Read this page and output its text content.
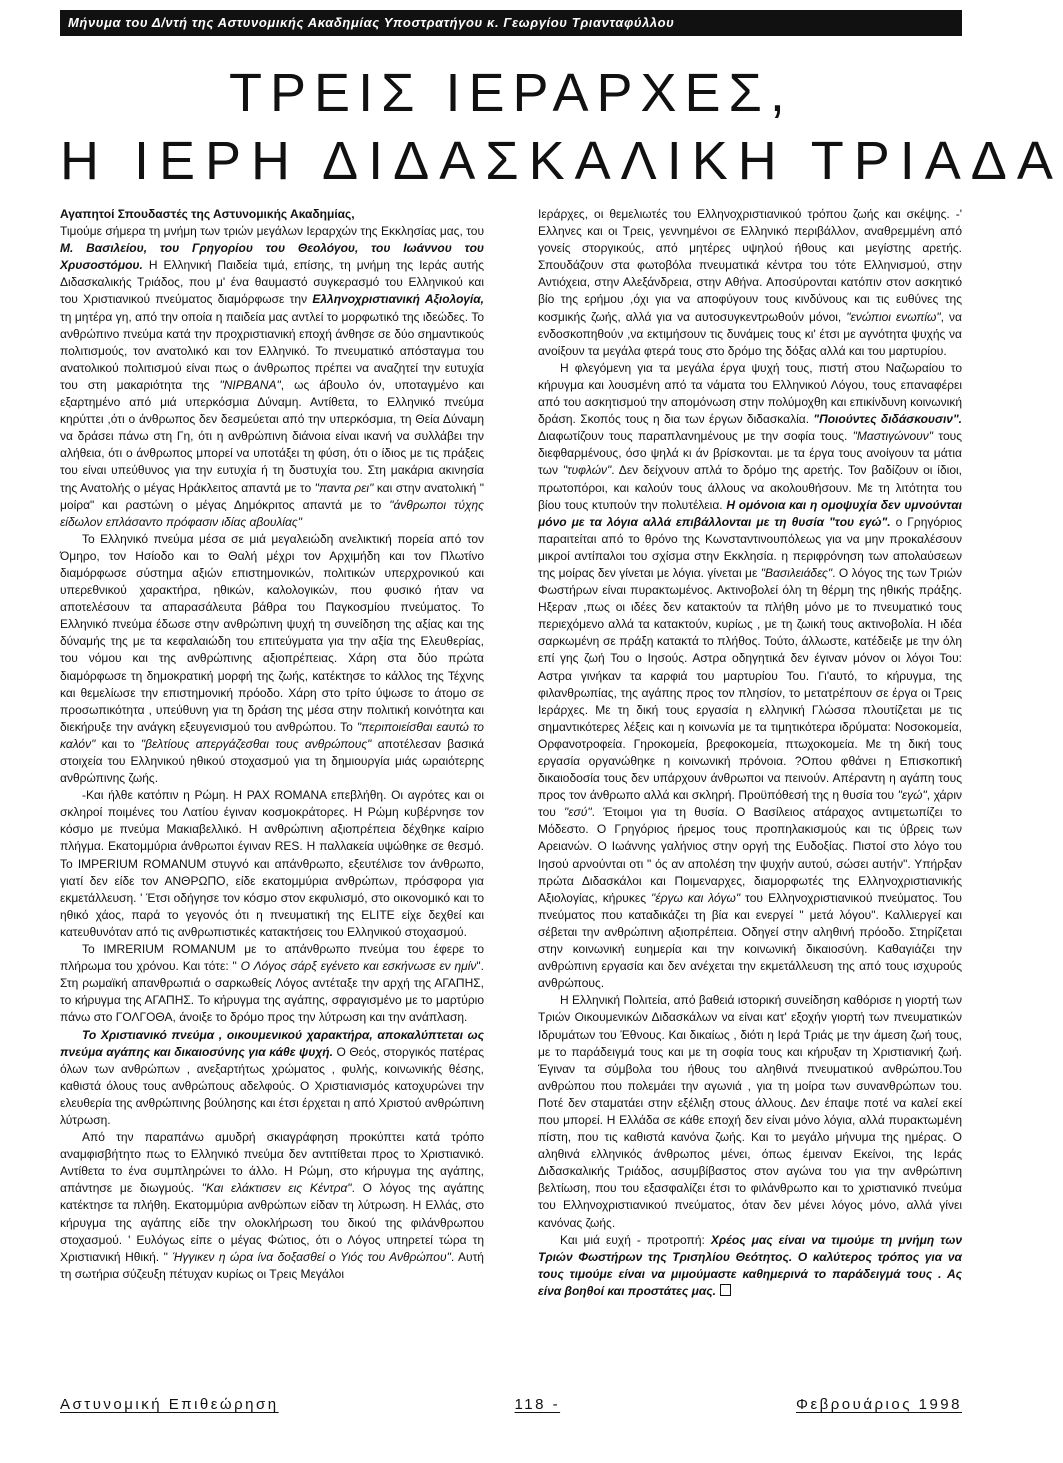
Μήνυμα του Δ/ντή της Αστυνομικής Ακαδημίας Υποστρατήγου κ. Γεωργίου Τριανταφύλλου
ΤΡΕΙΣ ΙΕΡΑΡΧΕΣ,
Η ΙΕΡΗ ΔΙΔΑΣΚΑΛΙΚΗ ΤΡΙΑΔΑ

Αγαπητοί Σπουδαστές της Αστυνομικής Ακαδημίας,
Τιμούμε σήμερα τη μνήμη των τριών μεγάλων Ιεραρχών της Εκκλησίας μας, του Μ. Βασιλείου, του Γρηγορίου του Θεολόγου, του Ιωάννου του Χρυσοστόμου. Η Ελληνική Παιδεία τιμά, επίσης, τη μνήμη της Ιεράς αυτής Διδασκαλικής Τριάδος, που μ' ένα θαυμαστό συγκερασμό του Ελληνικού και του Χριστιανικού πνεύματος διαμόρφωσε την Ελληνοχριστιανική Αξιολογία, τη μητέρα γη, από την οποία η παιδεία μας αντλεί το μορφωτικό της ιδεώδες. Το ανθρώπινο πνεύμα κατά την προχριστιανική εποχή άνθησε σε δύο σημαντικούς πολιτισμούς, τον ανατολικό και τον Ελληνικό. Το πνευματικό απόσταγμα του ανατολικού πολιτισμού είναι πως ο άνθρωπος πρέπει να αναζητεί την ευτυχία του στη μακαριότητα της "ΝΙΡΒΑΝΑ", ως άβουλο όν, υποταγμένο και εξαρτημένο από μιά υπερκόσμια Δύναμη. Αντίθετα, το Ελληνικό πνεύμα κηρύττει ,ότι ο άνθρωπος δεν δεσμεύεται από την υπερκόσμια, τη Θεία Δύναμη να δράσει πάνω στη Γη, ότι η ανθρώπινη διάνοια είναι ικανή να συλλάβει την αλήθεια, ότι ο άνθρωπος μπορεί να υποτάξει τη φύση, ότι ο ίδιος με τις πράξεις του είναι υπεύθυνος για την ευτυχία ή τη δυστυχία του. Στη μακάρια ακινησία της Ανατολής ο μέγας Ηράκλειτος απαντά με το "παντα ρει" και στην ανατολική " μοίρα" και ραστώνη ο μέγας Δημόκριτος απαντά με το "άνθρωποι τύχης είδωλον επλάσαντο πρόφασιν ιδίας αβουλίας"

Το Ελληνικό πνεύμα μέσα σε μιά μεγαλειώδη ανελικτική πορεία από τον Όμηρο, τον Ησίοδο και το Θαλή μέχρι τον Αρχιμήδη και τον Πλωτίνο διαμόρφωσε σύστημα αξιών επιστημονικών, πολιτικών υπερχρονικού και υπερεθνικού χαρακτήρα, ηθικών, καλολογικών, που φυσικό ήταν να αποτελέσουν τα απαρασάλευτα βάθρα του Παγκοσμίου πνεύματος. Το Ελληνικό πνεύμα έδωσε στην ανθρώπινη ψυχή τη συνείδηση της αξίας και της δύναμής της με τα κεφαλαιώδη του επιτεύγματα για την αξία της Ελευθερίας, του νόμου και της ανθρώπινης αξιοπρέπειας. Χάρη στα δύο πρώτα διαμόρφωσε τη δημοκρατική μορφή της ζωής, κατέκτησε το κάλλος της Τέχνης και θεμελίωσε την επιστημονική πρόοδο. Χάρη στο τρίτο ύψωσε το άτομο σε προσωπικότητα , υπεύθυνη για τη δράση της μέσα στην πολιτική κοινότητα και διεκήρυξε την ανάγκη εξευγενισμού του ανθρώπου. Το "περιποιείσθαι εαυτώ το καλόν" και το "βελτίους απεργάζεσθαι τους ανθρώπους" αποτέλεσαν βασικά στοιχεία του Ελληνικού ηθικού στοχασμού για τη δημιουργία μιάς ωραιότερης ανθρώπινης ζωής.

-Και ήλθε κατόπιν η Ρώμη. Η PAX ROMANA επεβλήθη. Οι αγρότες και οι σκληροί ποιμένες του Λατίου έγιναν κοσμοκράτορες. Η Ρώμη κυβέρνησε τον κόσμο με πνεύμα Μακιαβελλικό. Η ανθρώπινη αξιοπρέπεια δέχθηκε καίριο πλήγμα. Εκατομμύρια άνθρωποι έγιναν RES. Η παλλακεία υψώθηκε σε θεσμό. Το IMPERIUM ROMANUM στυγνό και απάνθρωπο, εξευτέλισε τον άνθρωπο, γιατί δεν είδε τον ΑΝΘΡΩΠΟ, είδε εκατομμύρια ανθρώπων, πρόσφορα για εκμετάλλευση. ' Έτσι οδήγησε τον κόσμο στον εκφυλισμό, στο οικονομικό και το ηθικό χάος, παρά το γεγονός ότι η πνευματική της ELITE είχε δεχθεί και κατευθυνόταν από τις ανθρωπιστικές κατακτήσεις του Ελληνικού στοχασμού.

Το IMRERIUM ROMANUM με το απάνθρωπο πνεύμα του έφερε το πλήρωμα του χρόνου. Και τότε: " Ο Λόγος σάρξ εγένετο και εσκήνωσε εν ημίν". Στη ρωμαϊκή απανθρωπιά ο σαρκωθείς Λόγος αντέταξε την αρχή της ΑΓΑΠΗΣ, το κήρυγμα της ΑΓΑΠΗΣ. Το κήρυγμα της αγάπης, σφραγισμένο με το μαρτύριο πάνω στο ΓΟΛΓΟΘΑ, άνοιξε το δρόμο προς την λύτρωση και την ανάπλαση.

Το Χριστιανικό πνεύμα , οικουμενικού χαρακτήρα, αποκαλύπτεται ως πνεύμα αγάπης και δικαιοσύνης για κάθε ψυχή. Ο Θεός, στοργικός πατέρας όλων των ανθρώπων , ανεξαρτήτως χρώματος , φυλής, κοινωνικής θέσης, καθιστά όλους τους ανθρώπους αδελφούς. Ο Χριστιανισμός κατοχυρώνει την ελευθερία της ανθρώπινης βούλησης και έτσι έρχεται η από Χριστού ανθρώπινη λύτρωση.

Από την παραπάνω αμυδρή σκιαγράφηση προκύπτει κατά τρόπο αναμφισβήτητο πως το Ελληνικό πνεύμα δεν αντιτίθεται προς το Χριστιανικό. Αντίθετα το ένα συμπληρώνει το άλλο. Η Ρώμη, στο κήρυγμα της αγάπης, απάντησε με διωγμούς. "Και ελάκτισεν εις Κέντρα". Ο λόγος της αγάπης κατέκτησε τα πλήθη. Εκατομμύρια ανθρώπων είδαν τη λύτρωση. Η Ελλάς, στο κήρυγμα της αγάπης είδε την ολοκλήρωση του δικού της φιλάνθρωπου στοχασμού. ' Ευλόγως είπε ο μέγας Φώτιος, ότι ο Λόγος υπηρετεί τώρα τη Χριστιανική Ηθική. " Ήγγικεν η ώρα ίνα δοξασθεί ο Υιός του Ανθρώπου". Αυτή τη σωτήρια σύζευξη πέτυχαν κυρίως οι Τρεις Μεγάλοι

Ιεράρχες, οι θεμελιωτές του Ελληνοχριστιανικού τρόπου ζωής και σκέψης. -' Ελληνες και οι Τρεις, γεννημένοι σε Ελληνικό περιβάλλον, αναθρεμμένη από γονείς στοργικούς, από μητέρες υψηλού ήθους και μεγίστης αρετής. Σπουδάζουν στα φωτοβόλα πνευματικά κέντρα του τότε Ελληνισμού, στην Αντιόχεια, στην Αλεξάνδρεια, στην Αθήνα. Αποσύρονται κατόπιν στον ασκητικό βίο της ερήμου ,όχι για να αποφύγουν τους κινδύνους και τις ευθύνες της κοσμικής ζωής, αλλά για να αυτοσυγκεντρωθούν μόνοι, "ενώπιοι ενωπίω", να ενδοσκοπηθούν ,να εκτιμήσουν τις δυνάμεις τους κι' έτσι με αγνότητα ψυχής να ανοίξουν τα μεγάλα φτερά τους στο δρόμο της δόξας αλλά και του μαρτυρίου.

Η φλεγόμενη για τα μεγάλα έργα ψυχή τους, πιστή στου Ναζωραίου το κήρυγμα και λουσμένη από τα νάματα του Ελληνικού Λόγου, τους επαναφέρει από του ασκητισμού την απομόνωση στην πολύμοχθη και επικίνδυνη κοινωνική δράση. Σκοπός τους η δια των έργων διδασκαλία. "Ποιούντες διδάσκουσιν". Διαφωτίζουν τους παραπλανημένους με την σοφία τους. "Μαστιγώνουν" τους διεφθαρμένους, όσο ψηλά κι άν βρίσκονται. με τα έργα τους ανοίγουν τα μάτια των "τυφλών". Δεν δείχνουν απλά το δρόμο της αρετής. Τον βαδίζουν οι ίδιοι, πρωτοπόροι, και καλούν τους άλλους να ακολουθήσουν. Με τη λιτότητα του βίου τους κτυπούν την πολυτέλεια. Η ομόνοια και η ομοψυχία δεν υμνούνται μόνο με τα λόγια αλλά επιβάλλονται με τη θυσία "του εγώ". ο Γρηγόριος παραιτείται από το θρόνο της Κωνσταντινουπόλεως για να μην προκαλέσουν μικροί αντίπαλοι του σχίσμα στην Εκκλησία. η περιφρόνηση των απολαύσεων της μοίρας δεν γίνεται με λόγια. γίνεται με "Βασιλειάδες". Ο λόγος της των Τριών Φωστήρων είναι πυρακτωμένος. Ακτινοβολεί όλη τη θέρμη της ηθικής πράξης. Ηξεραν ,πως οι ιδέες δεν κατακτούν τα πλήθη μόνο με το πνευματικό τους περιεχόμενο αλλά τα κατακτούν, κυρίως , με τη ζωική τους ακτινοβολία. Η ιδέα σαρκωμένη σε πράξη κατακτά το πλήθος. Τούτο, άλλωστε, κατέδειξε με την όλη επί γης ζωή Του ο Ιησούς. Αστρα οδηγητικά δεν έγιναν μόνον οι λόγοι Του: Αστρα γινήκαν τα καρφιά του μαρτυρίου Του. Γι'αυτό, το κήρυγμα, της φιλανθρωπίας, της αγάπης προς τον πλησίον, το μετατρέπουν σε έργα οι Τρεις Ιεράρχες. Με τη δική τους εργασία η ελληνική Γλώσσα πλουτίζεται με τις σημαντικότερες λέξεις και η κοινωνία με τα τιμητικότερα ιδρύματα: Νοσοκομεία, Ορφανοτροφεία. Γηροκομεία, βρεφοκομεία, πτωχοκομεία. Με τη δική τους εργασία οργανώθηκε η κοινωνική πρόνοια. ?Οπου φθάνει η Επισκοπική δικαιοδοσία τους δεν υπάρχουν άνθρωποι να πεινούν. Απέραντη η αγάπη τους προς τον άνθρωπο αλλά και σκληρή. Προϋπόθεσή της η θυσία του "εγώ", χάριν του "εσύ". Έτοιμοι για τη θυσία. Ο Βασίλειος ατάραχος αντιμετωπίζει το Μόδεστο. Ο Γρηγόριος ήρεμος τους προπηλακισμούς και τις ύβρεις των Αρειανών. Ο Ιωάννης γαλήνιος στην οργή της Ευδοξίας. Πιστοί στο λόγο του Ιησού αρνούνται οτι " ός αν απολέση την ψυχήν αυτού, σώσει αυτήν". Υπήρξαν πρώτα Διδασκάλοι και Ποιμεναρχες, διαμορφωτές της Ελληνοχριστιανικής Αξιολογίας, κήρυκες "έργω και λόγω" του Ελληνοχριστιανικού πνεύματος. Του πνεύματος που καταδικάζει τη βία και ενεργεί " μετά λόγου". Καλλιεργεί και σέβεται την ανθρώπινη αξιοπρέπεια. Οδηγεί στην αληθινή πρόοδο. Στηρίζεται στην κοινωνική ευημερία και την κοινωνική δικαιοσύνη. Καθαγιάζει την ανθρώπινη εργασία και δεν ανέχεται την εκμετάλλευση της από τους ισχυρούς ανθρώπους.

Η Ελληνική Πολιτεία, από βαθειά ιστορική συνείδηση καθόρισε η γιορτή των Τριών Οικουμενικών Διδασκάλων να είναι κατ' εξοχήν γιορτή των πνευματικών Ιδρυμάτων του Έθνους. Και δικαίως , διότι η Ιερά Τριάς με την άμεση ζωή τους, με το παράδειγμά τους και με τη σοφία τους και κήρυξαν τη Χριστιανική ζωή. Έγιναν τα σύμβολα του ήθους του αληθινά πνευματικού ανθρώπου.Του ανθρώπου που πολεμάει την αγωνιά , για τη μοίρα των συνανθρώπων του. Ποτέ δεν σταματάει στην εξέλιξη στους άλλους. Δεν έπαψε ποτέ να καλεί εκεί που μπορεί. Η Ελλάδα σε κάθε εποχή δεν είναι μόνο λόγια, αλλά πυρακτωμένη πίστη, που τις καθιστά κανόνα ζωής. Και το μεγάλο μήνυμα της ημέρας. Ο αληθινά ελληνικός άνθρωπος μένει, όπως έμειναν Εκείνοι, της Ιεράς Διδασκαλικής Τριάδος, ασυμβίβαστος στον αγώνα του για την ανθρώπινη βελτίωση, που του εξασφαλίζει έτσι το φιλάνθρωπο και το χριστιανικό πνεύμα του Ελληνοχριστιανικού πνεύματος, όταν δεν μένει λόγος μόνο, αλλά γίνει κανόνας ζωής.

Και μιά ευχή - προτροπή: Χρέος μας είναι να τιμούμε τη μνήμη των Τριών Φωστήρων της Τρισηλίου Θεότητος. Ο καλύτερος τρόπος για να τους τιμούμε είναι να μιμούμαστε καθημερινά το παράδειγμά τους . Ας είνα βοηθοί και προστάτες μας.

Αστυνομική Επιθεώρηση	118 -	Φεβρουάριος 1998
